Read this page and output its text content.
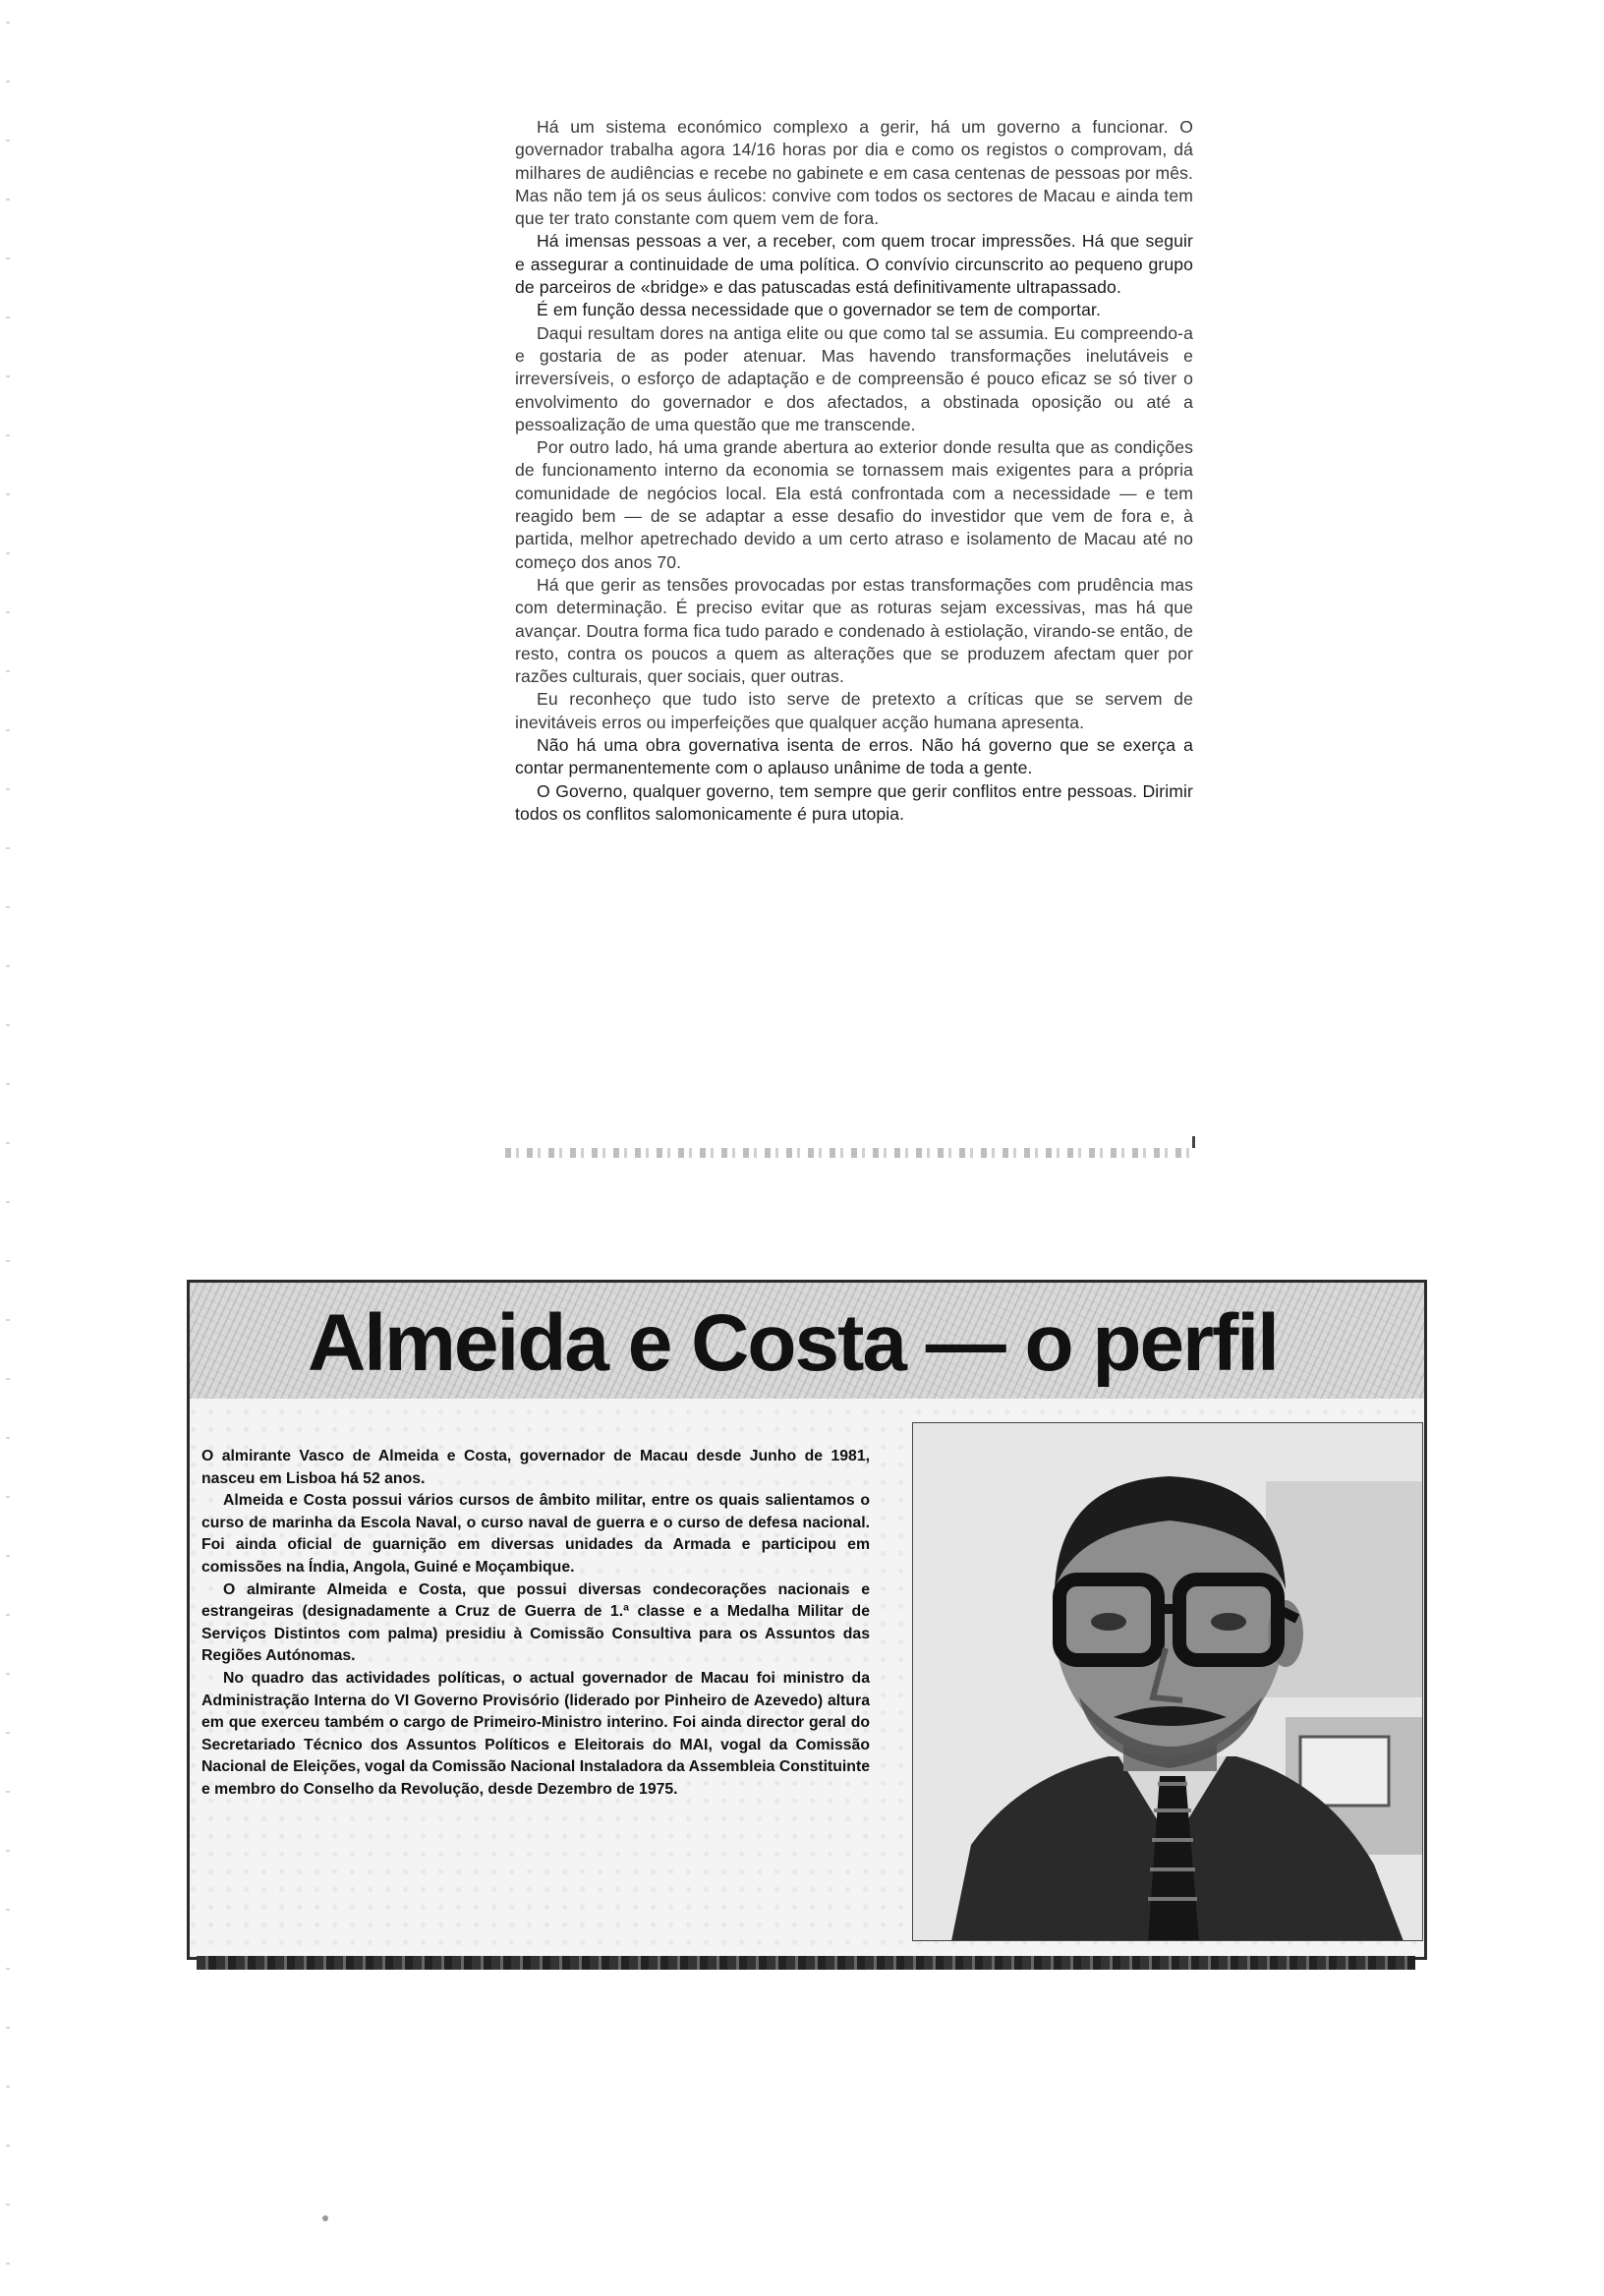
Há um sistema económico complexo a gerir, há um governo a funcionar. O governador trabalha agora 14/16 horas por dia e como os registos o comprovam, dá milhares de audiências e recebe no gabinete e em casa centenas de pessoas por mês. Mas não tem já os seus áulicos: convive com todos os sectores de Macau e ainda tem que ter trato constante com quem vem de fora.

Há imensas pessoas a ver, a receber, com quem trocar impressões. Há que seguir e assegurar a continuidade de uma política. O convívio circunscrito ao pequeno grupo de parceiros de «bridge» e das patuscadas está definitivamente ultrapassado.

É em função dessa necessidade que o governador se tem de comportar.

Daqui resultam dores na antiga elite ou que como tal se assumia. Eu compreendo-a e gostaria de as poder atenuar. Mas havendo transformações inelutáveis e irreversíveis, o esforço de adaptação e de compreensão é pouco eficaz se só tiver o envolvimento do governador e dos afectados, a obstinada oposição ou até a pessoalização de uma questão que me transcende.

Por outro lado, há uma grande abertura ao exterior donde resulta que as condições de funcionamento interno da economia se tornassem mais exigentes para a própria comunidade de negócios local. Ela está confrontada com a necessidade — e tem reagido bem — de se adaptar a esse desafio do investidor que vem de fora e, à partida, melhor apetrechado devido a um certo atraso e isolamento de Macau até no começo dos anos 70.

Há que gerir as tensões provocadas por estas transformações com prudência mas com determinação. É preciso evitar que as roturas sejam excessivas, mas há que avançar. Doutra forma fica tudo parado e condenado à estiolação, virando-se então, de resto, contra os poucos a quem as alterações que se produzem afectam quer por razões culturais, quer sociais, quer outras.

Eu reconheço que tudo isto serve de pretexto a críticas que se servem de inevitáveis erros ou imperfeições que qualquer acção humana apresenta.

Não há uma obra governativa isenta de erros. Não há governo que se exerça a contar permanentemente com o aplauso unânime de toda a gente.

O Governo, qualquer governo, tem sempre que gerir conflitos entre pessoas. Dirimir todos os conflitos salomonicamente é pura utopia.

Almeida e Costa — o perfil

O almirante Vasco de Almeida e Costa, governador de Macau desde Junho de 1981, nasceu em Lisboa há 52 anos.

Almeida e Costa possui vários cursos de âmbito militar, entre os quais salientamos o curso de marinha da Escola Naval, o curso naval de guerra e o curso de defesa nacional. Foi ainda oficial de guarnição em diversas unidades da Armada e participou em comissões na Índia, Angola, Guiné e Moçambique.

O almirante Almeida e Costa, que possui diversas condecorações nacionais e estrangeiras (designadamente a Cruz de Guerra de 1.ª classe e a Medalha Militar de Serviços Distintos com palma) presidiu à Comissão Consultiva para os Assuntos das Regiões Autónomas.

No quadro das actividades políticas, o actual governador de Macau foi ministro da Administração Interna do VI Governo Provisório (liderado por Pinheiro de Azevedo) altura em que exerceu também o cargo de Primeiro-Ministro interino. Foi ainda director geral do Secretariado Técnico dos Assuntos Políticos e Eleitorais do MAI, vogal da Comissão Nacional de Eleições, vogal da Comissão Nacional Instaladora da Assembleia Constituinte e membro do Conselho da Revolução, desde Dezembro de 1975.
